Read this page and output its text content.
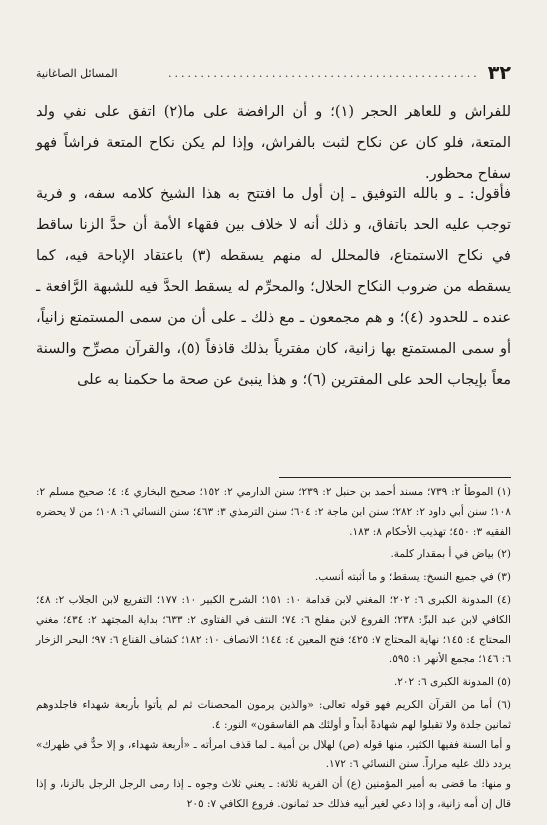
٣٢
................................................
المسائل الصاغانية

للفراش و للعاهر الحجر (١)؛ و أن الرافضة على ما(٢) اتفق على نفي ولد المتعة، فلو كان عن نكاح لثبت بالفراش، وإذا لم يكن نكاح المتعة فراشاً فهو سفاح محظور.

فأقول: ـ و بالله التوفيق ـ إن أول ما افتتح به هذا الشيخ كلامه سفه، و فرية توجب عليه الحد باتفاق، و ذلك أنه لا خلاف بين فقهاء الأمة أن حدَّ الزنا ساقط في نكاح الاستمتاع، فالمحلل له منهم يسقطه (٣) باعتقاد الإباحة فيه، كما يسقطه من ضروب النكاح الحلال؛ والمحرِّم له يسقط الحدَّ فيه للشبهة الرَّافعة ـ عنده ـ للحدود (٤)؛ و هم مجمعون ـ مع ذلك ـ على أن من سمى المستمتع زانياً، أو سمى المستمتع بها زانية، كان مفترياً بذلك قاذفاً (٥)، والقرآن مصرِّح والسنة معاً بإيجاب الحد على المفترين (٦)؛ و هذا ينبئ عن صحة ما حكمنا به على

(١) الموطأ ٢: ٧٣٩؛ مسند أحمد بن حنبل ٢: ٢٣٩؛ سنن الدارمي ٢: ١٥٢؛ صحيح البخاري ٤: ٤؛ صحيح مسلم ٢: ١٠٨؛ سنن أبي داود ٢: ٢٨٢؛ سنن ابن ماجة ٢: ٦٠٤؛ سنن الترمذي ٣: ٤٦٣؛ سنن النسائي ٦: ١٠٨؛ من لا يحضره الفقيه ٣: ٤٥٠؛ تهذيب الأحكام ٨: ١٨٣.

(٢) بياض في أ بمقدار كلمة.

(٣) في جميع النسخ: يسقط؛ و ما أثبته أنسب.

(٤) المدونة الكبرى ٦: ٢٠٢؛ المغني لابن قدامة ١٠: ١٥١؛ الشرح الكبير ١٠: ١٧٧؛ التفريع لابن الجلاب ٢: ٤٨؛ الكافي لابن عبد البرِّ: ٢٣٨؛ الفروع لابن مفلح ٦: ٧٤؛ النتف في الفتاوى ٢: ٦٣٣؛ بداية المجتهد ٢: ٤٣٤؛ مغني المحتاج ٤: ١٤٥؛ نهاية المحتاج ٧: ٤٢٥؛ فتح المعين ٤: ١٤٤؛ الانصاف ١٠: ١٨٢؛ كشاف القناع ٦: ٩٧؛ البحر الزخار ٦: ١٤٦؛ مجمع الأنهر ١: ٥٩٥.

(٥) المدونة الكبرى ٦: ٢٠٢.

(٦) أما من القرآن الكريم فهو قوله تعالى: «والذين يرمون المحصنات ثم لم يأتوا بأربعة شهداء فاجلدوهم ثمانين جلدة ولا تقبلوا لهم شهادةً أبداً و أولئك هم الفاسقون» النور: ٤.

و أما السنة ففيها الكثير، منها قوله (ص) لهلال بن أمية ـ لما قذف امرأته ـ «أربعة شهداء، و إلا حدٌّ في ظهرك» يردد ذلك عليه مراراً. سنن النسائي ٦: ١٧٢.

و منها: ما قضى به أمير المؤمنين (ع) أن الفرية ثلاثة: ـ يعني ثلاث وجوه ـ إذا رمى الرجل الرجل بالزنا، و إذا قال إن أمه زانية، و إذا دعي لغير أبيه فذلك حد ثمانون. فروع الكافي ٧: ٢٠٥
